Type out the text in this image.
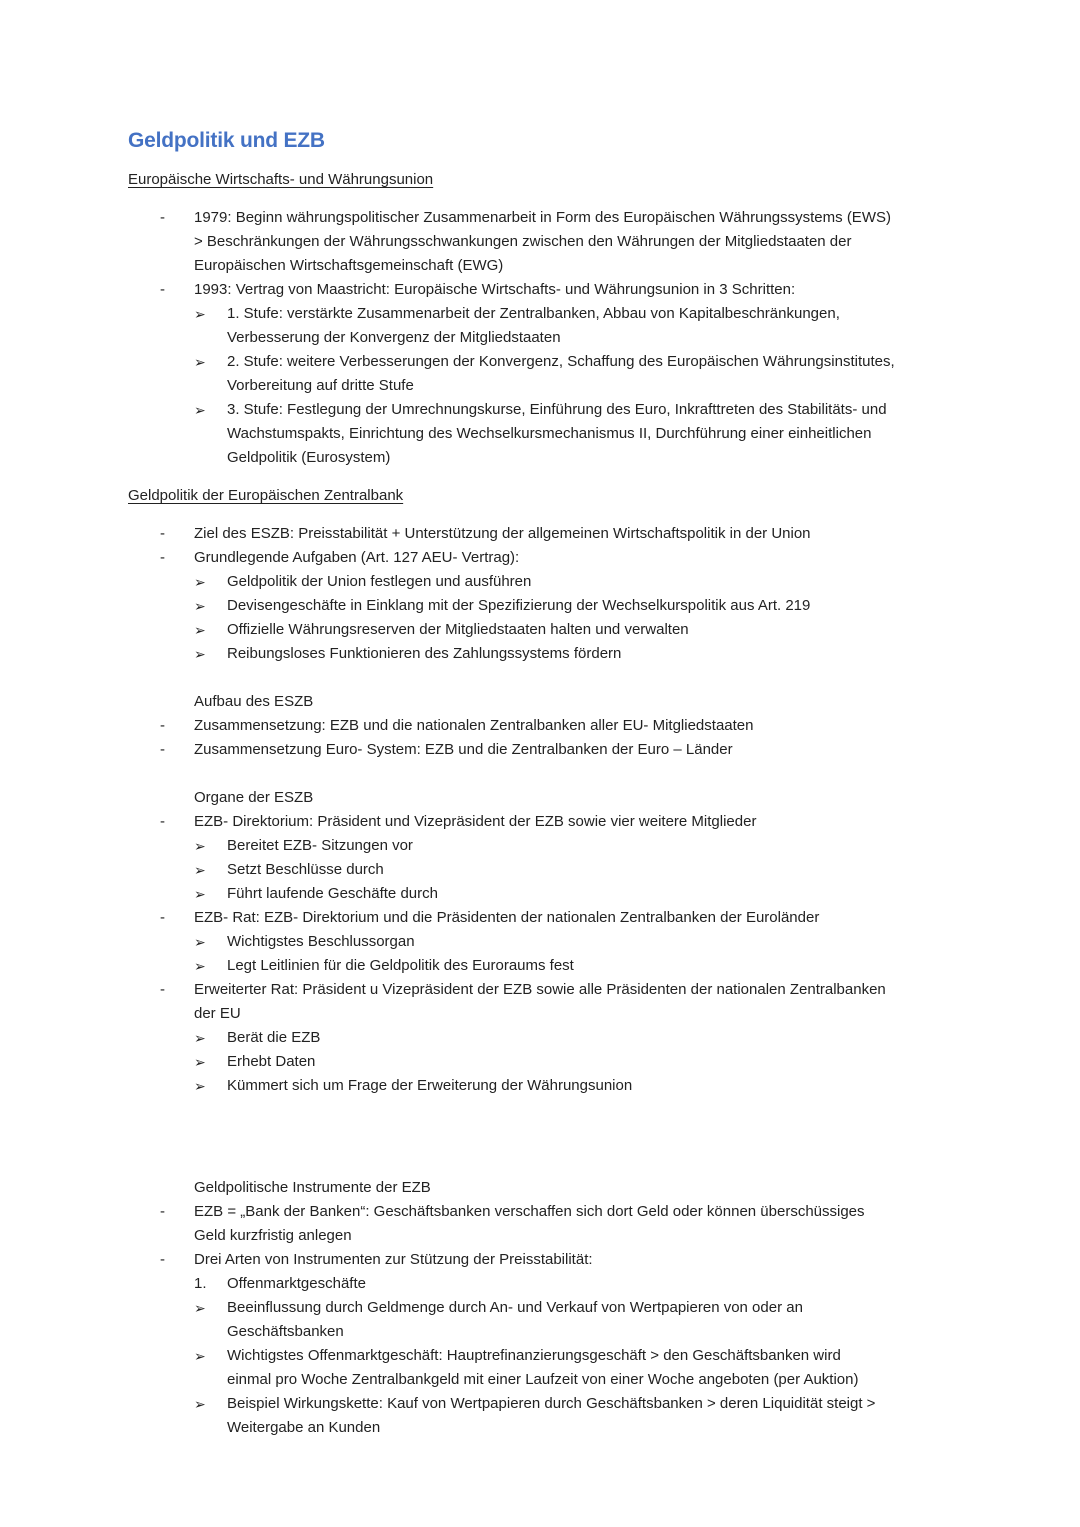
Geldpolitik und EZB
Europäische Wirtschafts- und Währungsunion
- 1979: Beginn währungspolitischer Zusammenarbeit in Form des Europäischen Währungssystems (EWS)
> Beschränkungen der Währungsschwankungen zwischen den Währungen der Mitgliedstaaten der
Europäischen Wirtschaftsgemeinschaft (EWG)
- 1993: Vertrag von Maastricht: Europäische Wirtschafts- und Währungsunion in 3 Schritten:
➢ 1. Stufe: verstärkte Zusammenarbeit der Zentralbanken, Abbau von Kapitalbeschränkungen,
Verbesserung der Konvergenz der Mitgliedstaaten
➢ 2. Stufe: weitere Verbesserungen der Konvergenz, Schaffung des Europäischen Währungsinstitutes,
Vorbereitung auf dritte Stufe
➢ 3. Stufe: Festlegung der Umrechnungskurse, Einführung des Euro, Inkrafttreten des Stabilitäts- und
Wachstumspakts, Einrichtung des Wechselkursmechanismus II, Durchführung einer einheitlichen
Geldpolitik (Eurosystem)
Geldpolitik der Europäischen Zentralbank
- Ziel des ESZB: Preisstabilität + Unterstützung der allgemeinen Wirtschaftspolitik in der Union
- Grundlegende Aufgaben (Art. 127 AEU- Vertrag):
➢ Geldpolitik der Union festlegen und ausführen
➢ Devisengeschäfte in Einklang mit der Spezifizierung der Wechselkurspolitik aus Art. 219
➢ Offizielle Währungsreserven der Mitgliedstaaten halten und verwalten
➢ Reibungsloses Funktionieren des Zahlungssystems fördern
Aufbau des ESZB
- Zusammensetzung: EZB und die nationalen Zentralbanken aller EU- Mitgliedstaaten
- Zusammensetzung Euro- System: EZB und die Zentralbanken der Euro – Länder
Organe der ESZB
- EZB- Direktorium: Präsident und Vizepräsident der EZB sowie vier weitere Mitglieder
➢ Bereitet EZB- Sitzungen vor
➢ Setzt Beschlüsse durch
➢ Führt laufende Geschäfte durch
- EZB- Rat: EZB- Direktorium und die Präsidenten der nationalen Zentralbanken der Euroländer
➢ Wichtigstes Beschlussorgan
➢ Legt Leitlinien für die Geldpolitik des Euroraums fest
- Erweiterter Rat: Präsident u Vizepräsident der EZB sowie alle Präsidenten der nationalen Zentralbanken
der EU
➢ Berät die EZB
➢ Erhebt Daten
➢ Kümmert sich um Frage der Erweiterung der Währungsunion
Geldpolitische Instrumente der EZB
- EZB = „Bank der Banken“: Geschäftsbanken verschaffen sich dort Geld oder können überschüssiges
Geld kurzfristig anlegen
- Drei Arten von Instrumenten zur Stützung der Preisstabilität:
1. Offenmarktgeschäfte
➢ Beeinflussung durch Geldmenge durch An- und Verkauf von Wertpapieren von oder an
Geschäftsbanken
➢ Wichtigstes Offenmarktgeschäft: Hauptrefinanzierungsgeschäft > den Geschäftsbanken wird
einmal pro Woche Zentralbankgeld mit einer Laufzeit von einer Woche angeboten (per Auktion)
➢ Beispiel Wirkungskette: Kauf von Wertpapieren durch Geschäftsbanken > deren Liquidität steigt >
Weitergabe an Kunden
